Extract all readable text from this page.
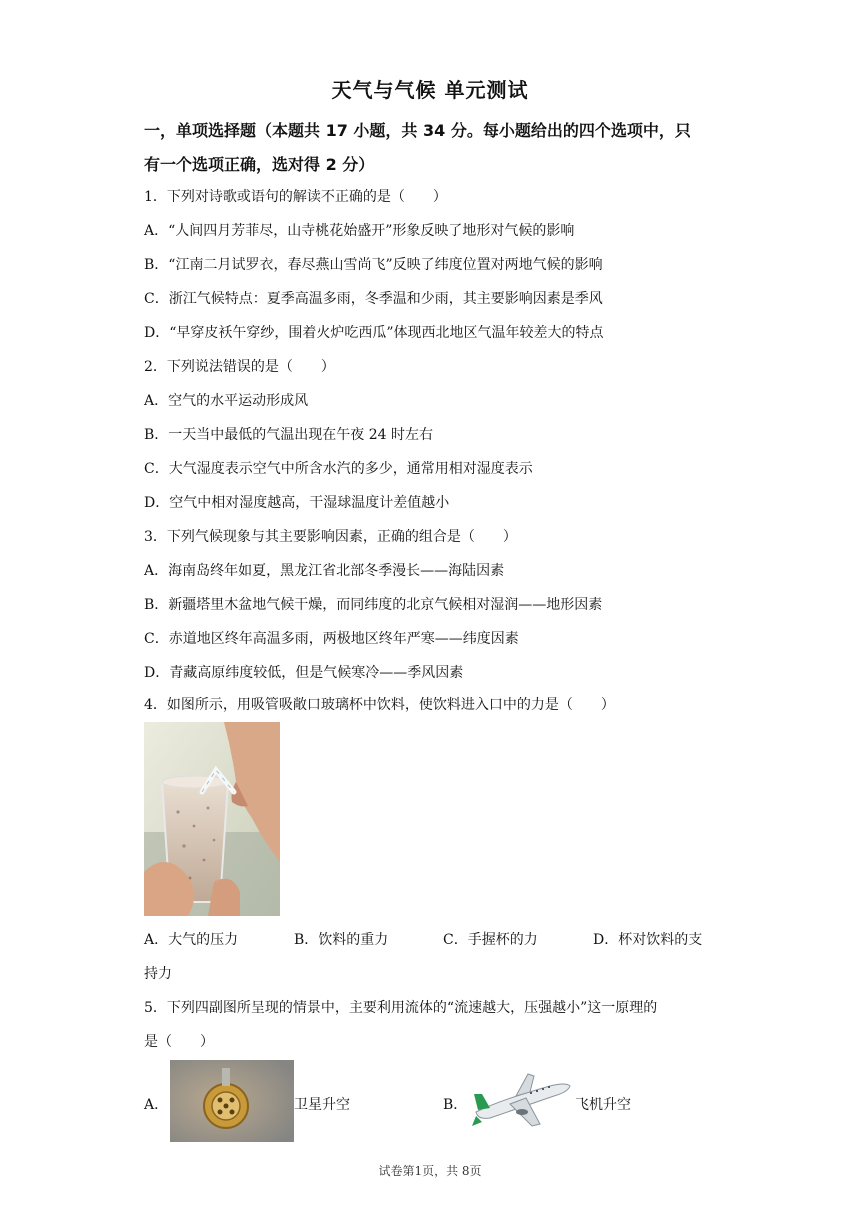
天气与气候 单元测试
一，单项选择题（本题共 17 小题，共 34 分。每小题给出的四个选项中，只
有一个选项正确，选对得 2 分）
1．下列对诗歌或语句的解读不正确的是（　　）
A．“人间四月芳菲尽，山寺桃花始盛开”形象反映了地形对气候的影响
B．“江南二月试罗衣，春尽燕山雪尚飞”反映了纬度位置对两地气候的影响
C．浙江气候特点：夏季高温多雨，冬季温和少雨，其主要影响因素是季风
D．“早穿皮袄午穿纱，围着火炉吃西瓜”体现西北地区气温年较差大的特点
2．下列说法错误的是（　　）
A．空气的水平运动形成风
B．一天当中最低的气温出现在午夜 24 时左右
C．大气湿度表示空气中所含水汽的多少，通常用相对湿度表示
D．空气中相对湿度越高，干湿球温度计差值越小
3．下列气候现象与其主要影响因素，正确的组合是（　　）
A．海南岛终年如夏，黑龙江省北部冬季漫长——海陆因素
B．新疆塔里木盆地气候干燥，而同纬度的北京气候相对湿润——地形因素
C．赤道地区终年高温多雨，两极地区终年严寒——纬度因素
D．青藏高原纬度较低，但是气候寒冷——季风因素
4．如图所示，用吸管吸敞口玻璃杯中饮料，使饮料进入口中的力是（　　）
A．大气的压力	B．饮料的重力	C．手握杯的力	D．杯对饮料的支
持力
5．下列四副图所呈现的情景中，主要利用流体的“流速越大，压强越小”这一原理的
是（　　）
A．	卫星升空	B．	飞机升空
试卷第1页，共 8页
